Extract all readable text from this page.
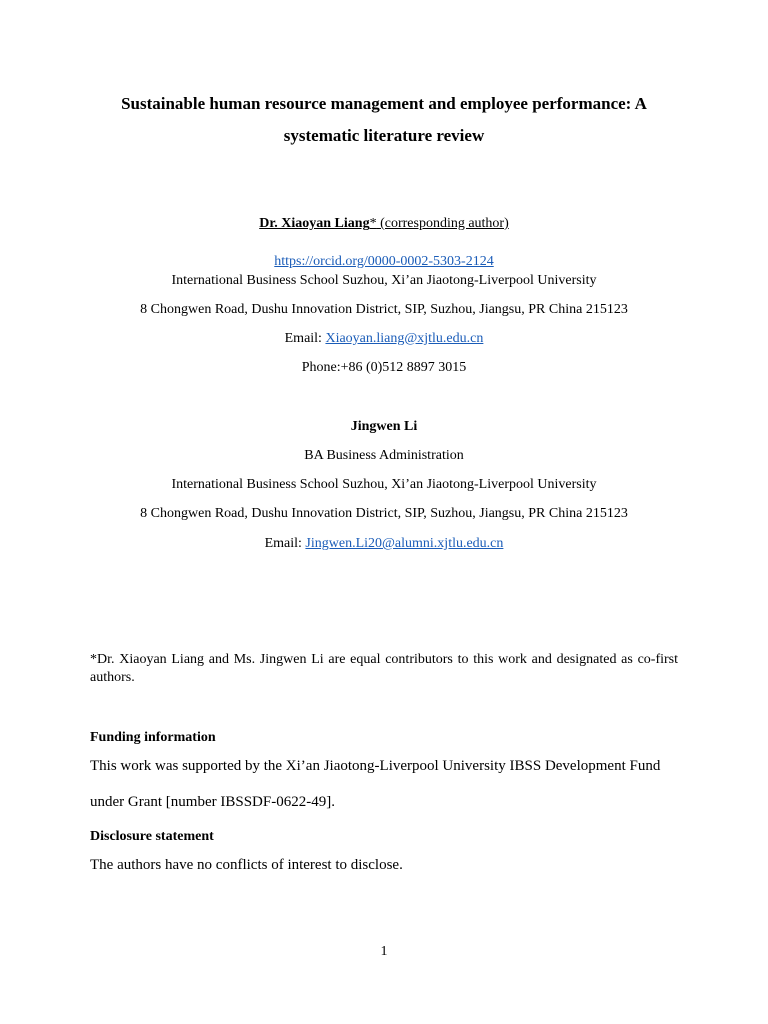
Sustainable human resource management and employee performance: A
systematic literature review
Dr. Xiaoyan Liang* (corresponding author)
https://orcid.org/0000-0002-5303-2124
International Business School Suzhou, Xi’an Jiaotong-Liverpool University
8 Chongwen Road, Dushu Innovation District, SIP, Suzhou, Jiangsu, PR China 215123
Email: Xiaoyan.liang@xjtlu.edu.cn
Phone:+86 (0)512 8897 3015
Jingwen Li
BA Business Administration
International Business School Suzhou, Xi’an Jiaotong-Liverpool University
8 Chongwen Road, Dushu Innovation District, SIP, Suzhou, Jiangsu, PR China 215123
Email: Jingwen.Li20@alumni.xjtlu.edu.cn
*Dr. Xiaoyan Liang and Ms. Jingwen Li are equal contributors to this work and designated as co-first authors.
Funding information
This work was supported by the Xi’an Jiaotong-Liverpool University IBSS Development Fund
under Grant [number IBSSDF-0622-49].
Disclosure statement
The authors have no conflicts of interest to disclose.
1
